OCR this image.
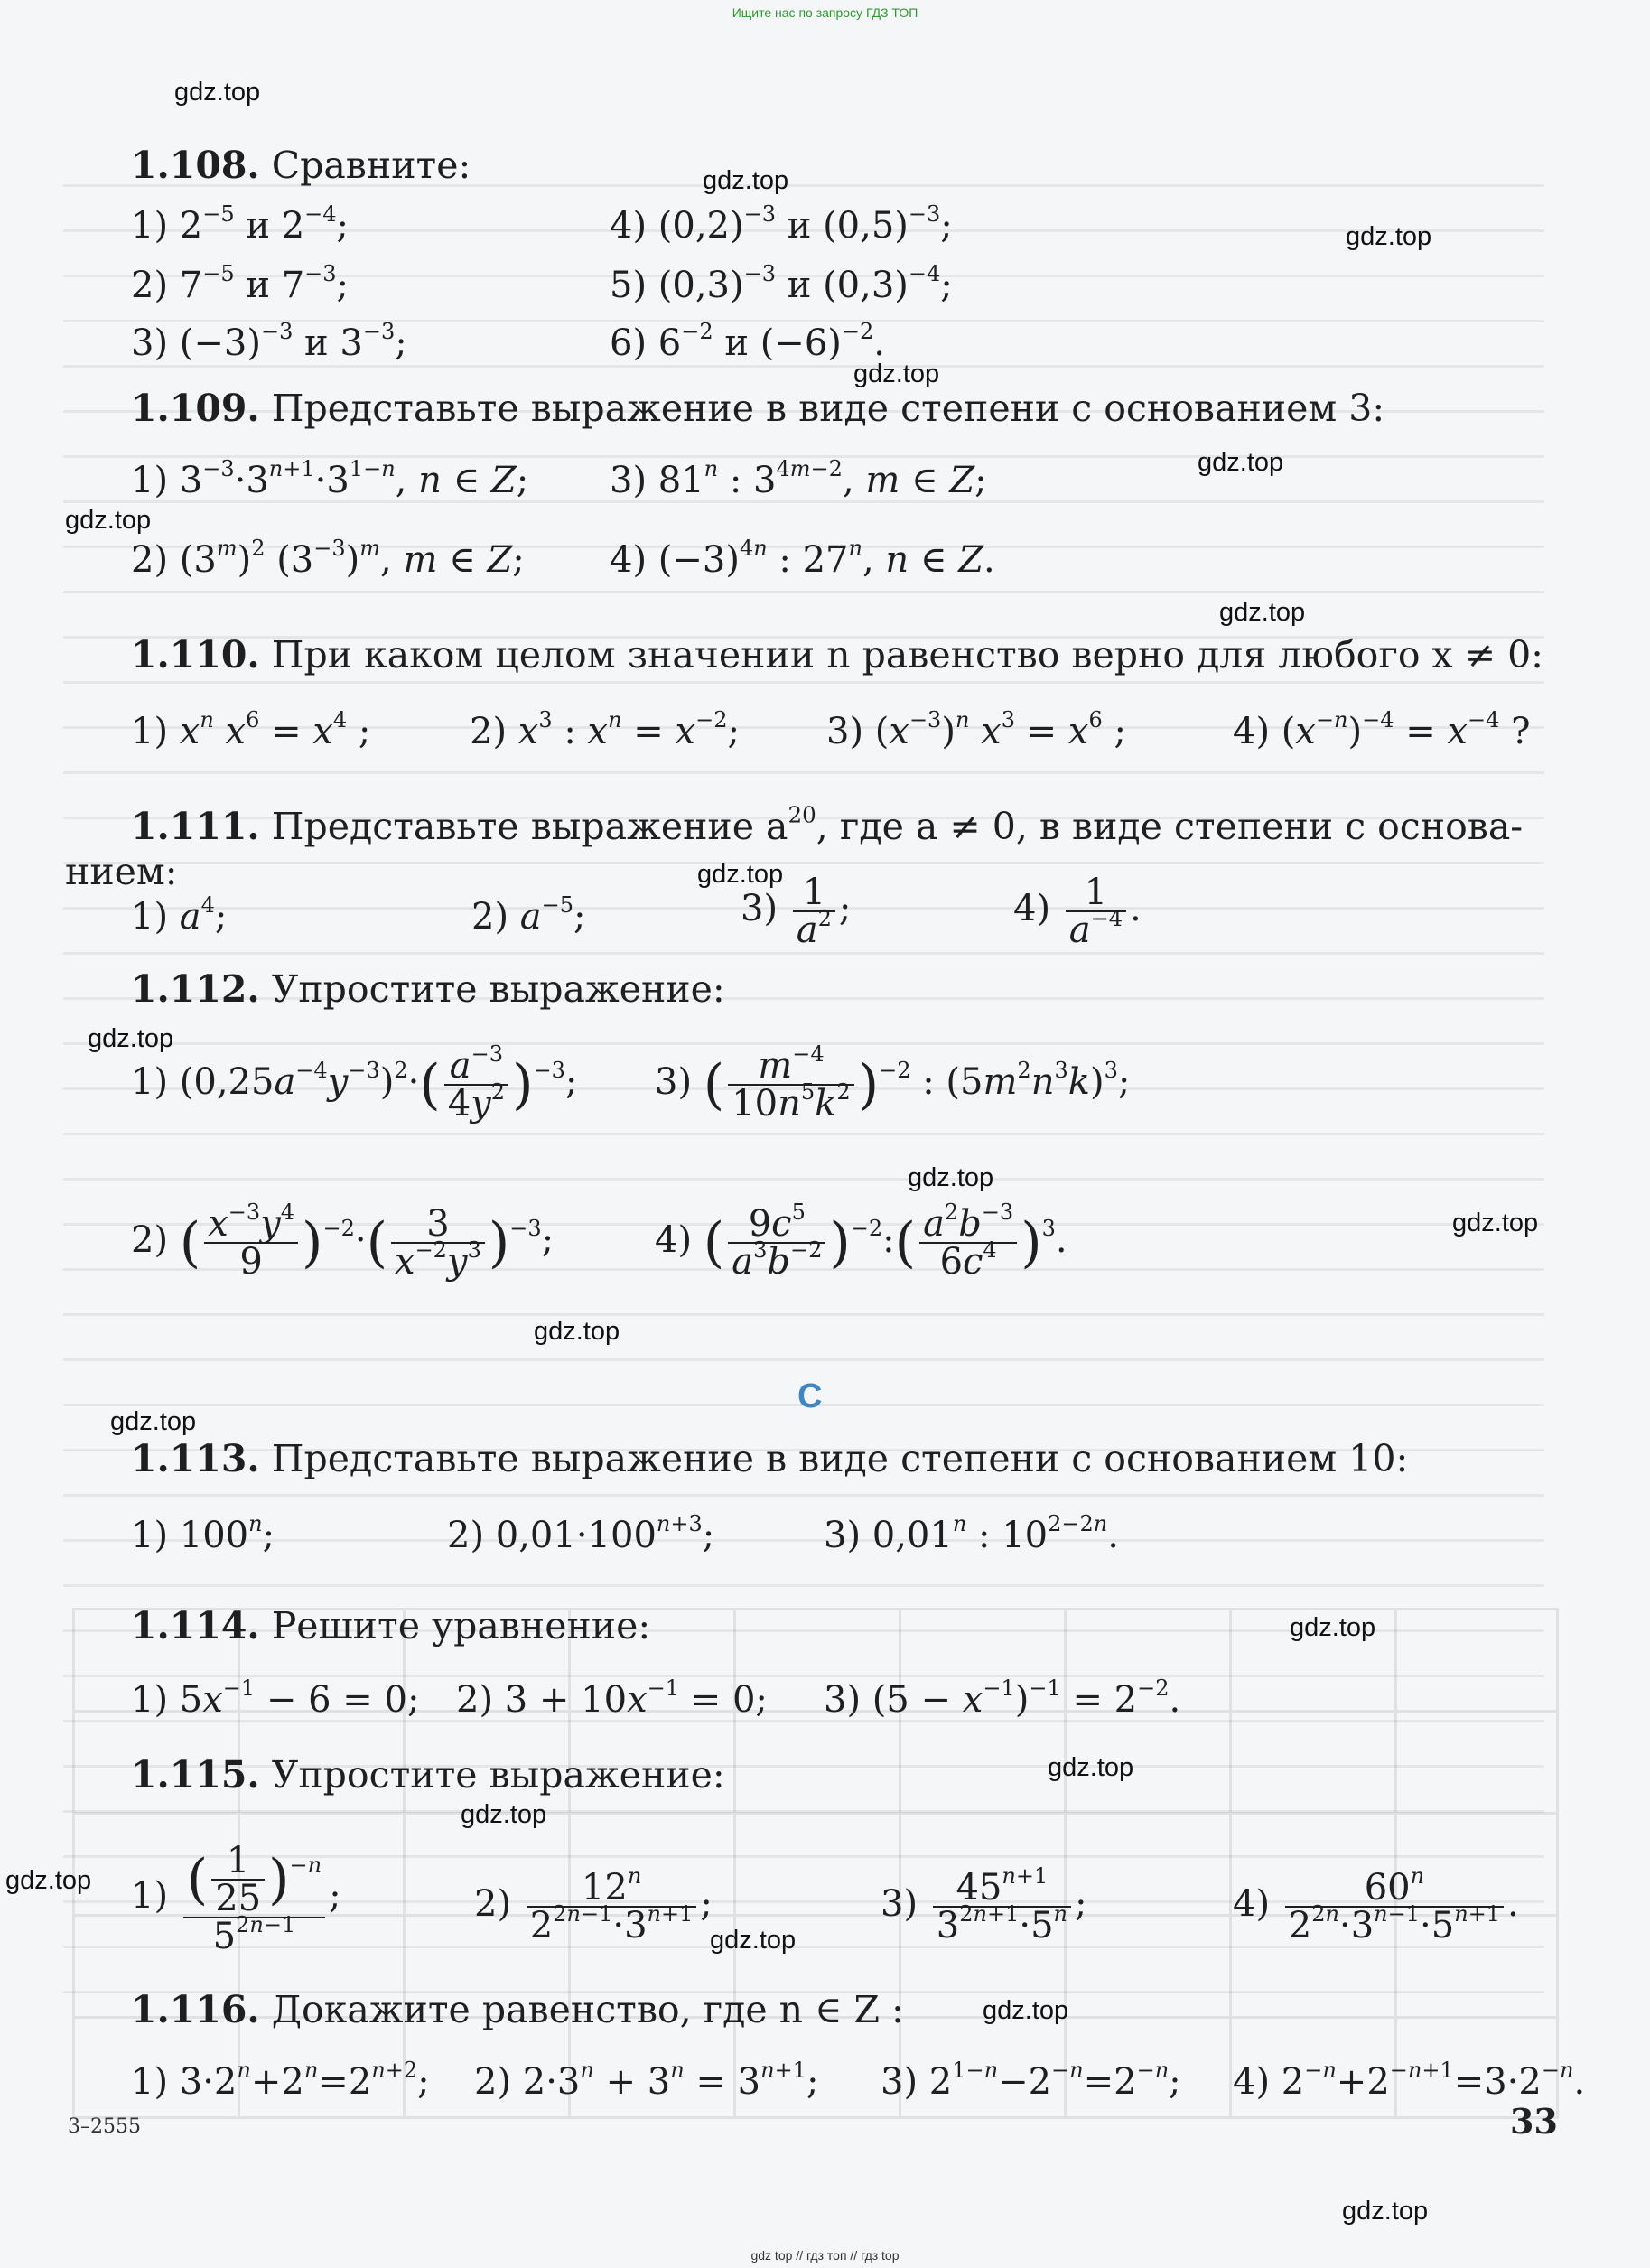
Ищите нас по запросу ГДЗ ТОП
gdz.top
gdz.top
gdz.top
gdz.top
gdz.top
gdz.top
gdz.top
gdz.top
gdz.top
gdz.top
gdz.top
gdz.top
gdz.top
gdz.top
gdz.top
gdz.top
gdz.top
gdz.top
gdz.top
gdz.top
1.108. Сравните:
1) $2^{-5}$ и $2^{-4}$;	4) $(0,2)^{-3}$ и $(0,5)^{-3}$;
2) $7^{-5}$ и $7^{-3}$;	5) $(0,3)^{-3}$ и $(0,3)^{-4}$;
3) $(-3)^{-3}$ и $3^{-3}$;	6) $6^{-2}$ и $(-6)^{-2}$.
1.109. Представьте выражение в виде степени с основанием 3:
1) $3^{-3}\cdot 3^{n+1}\cdot 3^{1-n}$, n ∈ Z; 3) 81$^n$ : $3^{4m-2}$, m ∈ Z;
2) $(3^m)^2$ $(3^{-3})^m$, m ∈ Z; 4) $(-3)^{4n}$ : 27$^n$, n ∈ Z.
1.110. При каком целом значении n равенство верно для любого x ≠ 0:
1) $x^n$ $x^6 = x^4$ ;	2) $x^3$ : $x^n = x^{-2}$; 3) $(x^{-3})^n$ $x^3 = x^6$ ;	4) $(x^{-n})^{-4} = x^{-4}$ ?
1.111. Представьте выражение $a^{20}$, где a ≠ 0, в виде степени с основа-
нием:
1) $a^4$;	2) $a^{-5}$;	$3) \frac{1}{a^2}$ ;	$4) \frac{1}{a^{-4}}$ .
1.112. Упростите выражение:
1) $(0,25a^{-4}y^{-3})^2\cdot( \frac{a^{-3}}{4y^2} )^{-3}$; 3) ( $\frac{m^{-4}}{10n^5k^2} )^{-2}$ : $(5m^2n^3k)^3$;
2) ( $\frac{x^{-3}y^4}{9} )^{-2}\cdot( \frac{3}{x^{-2}y^3} )^{-3}$;	4) ( $\frac{9c^5}{a^3b^{-2}}$ )$^{-2}$:( $\frac{a^2b^{-3}}{6c^4} )^3$.
C
1.113. Представьте выражение в виде степени с основанием 10:
1) 100$^n$;	2) $0,01\cdot 100^{n+3}$;	3) 0,01$^n$ : $10^{2-2n}$.
1.114. Решите уравнение:
1) $5x^{-1} - 6 = 0$; 2) $3 + 10x^{-1} = 0$; 3) $(5 - x^{-1})^{-1} = 2^{-2}$.
1.115. Упростите выражение:
$1) \frac{( \frac{1}{25} )^{-n}}{5^{2n-1}}$ ;	$2) \frac{12^n}{2^{2n-1}\cdot 3^{n+1}}$ ;	$3) \frac{45^{n+1}}{3^{2n+1}\cdot 5^n}$ ;	$4) \frac{60^n}{2^{2n}\cdot 3^{n-1}\cdot 5^{n+1}}$ .
1.116. Докажите равенство, где n ∈ Z :
1) $3\cdot 2^n+2^n=2^{n+2}$; 2) $2\cdot 3^n + 3^n = 3^{n+1}$; 3) $2^{1-n}-2^{-n}=2^{-n}$; 4) $2^{-n}+2^{-n+1}=3\cdot 2^{-n}$.
3–2555	33
gdz top // гдз топ // гдз top
